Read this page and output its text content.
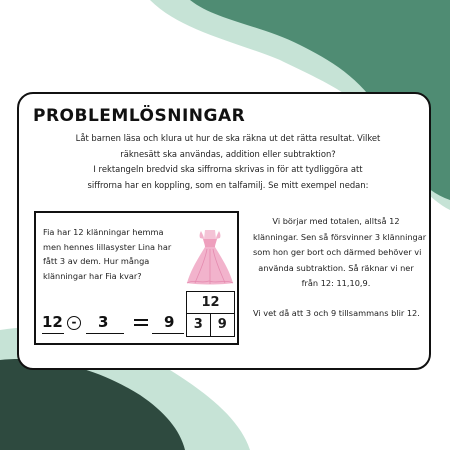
PROBLEMLÖSNINGAR
Låt barnen läsa och klura ut hur de ska räkna ut det rätta resultat. Vilket
räknesätt ska användas, addition eller subtraktion?
I rektangeln bredvid ska siffrorna skrivas in för att tydliggöra att
siffrorna har en koppling, som en talfamilj. Se mitt exempel nedan:
Fia har 12 klänningar hemma
men hennes lillasyster Lina har
fått 3 av dem. Hur många
klänningar har Fia kvar?
12 -	3	9
12
3	9
Vi börjar med totalen, alltså 12
klänningar. Sen så försvinner 3 klänningar
som hon ger bort och därmed behöver vi
använda subtraktion. Så räknar vi ner
från 12: 11,10,9.
Vi vet då att 3 och 9 tillsammans blir 12.
